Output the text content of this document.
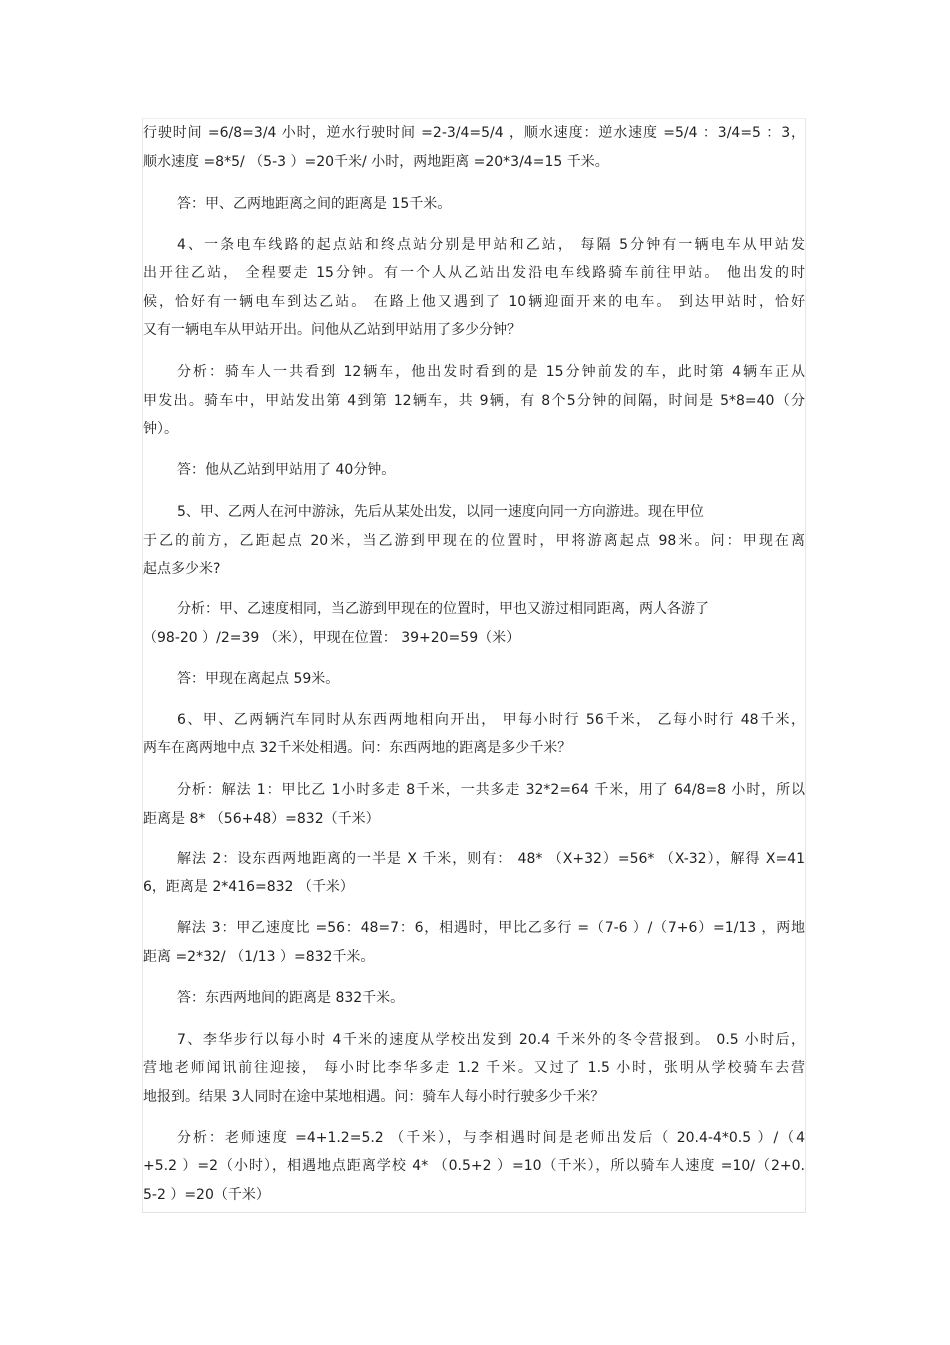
行驶时间 =6/8=3/4 小时，逆水行驶时间 =2-3/4=5/4 ，顺水速度：逆水速度 =5/4 ：3/4=5 ：3，
顺水速度 =8*5/ （5-3 ）=20千米/ 小时，两地距离 =20*3/4=15 千米。
答：甲、乙两地距离之间的距离是 15千米。
4、一条电车线路的起点站和终点站分别是甲站和乙站， 每隔 5分钟有一辆电车从甲站发
出开往乙站， 全程要走 15分钟。有一个人从乙站出发沿电车线路骑车前往甲站。 他出发的时
候，恰好有一辆电车到达乙站。 在路上他又遇到了 10辆迎面开来的电车。 到达甲站时，恰好
又有一辆电车从甲站开出。问他从乙站到甲站用了多少分钟？
分析：骑车人一共看到 12辆车，他出发时看到的是 15分钟前发的车，此时第 4辆车正从
甲发出。骑车中，甲站发出第 4到第 12辆车，共 9辆，有 8个5分钟的间隔，时间是 5*8=40（分
钟）。
答：他从乙站到甲站用了 40分钟。
5、甲、乙两人在河中游泳，先后从某处出发，以同一速度向同一方向游进。现在甲位
于乙的前方，乙距起点 20米，当乙游到甲现在的位置时，甲将游离起点 98米。问：甲现在离
起点多少米?
分析：甲、乙速度相同，当乙游到甲现在的位置时，甲也又游过相同距离，两人各游了
（98-20 ）/2=39 （米），甲现在位置： 39+20=59（米）
答：甲现在离起点 59米。
6、甲、乙两辆汽车同时从东西两地相向开出， 甲每小时行 56千米， 乙每小时行 48千米，
两车在离两地中点 32千米处相遇。问：东西两地的距离是多少千米？
分析：解法 1：甲比乙 1小时多走 8千米，一共多走 32*2=64 千米，用了 64/8=8 小时，所以
距离是 8* （56+48）=832（千米）
解法 2：设东西两地距离的一半是 X 千米，则有： 48* （X+32）=56* （X-32），解得 X=41
6，距离是 2*416=832 （千米）
解法 3：甲乙速度比 =56：48=7：6，相遇时，甲比乙多行 =（7-6 ）/（7+6）=1/13 ，两地
距离 =2*32/ （1/13 ）=832千米。
答：东西两地间的距离是 832千米。
7、李华步行以每小时 4千米的速度从学校出发到 20.4 千米外的冬令营报到。 0.5 小时后，
营地老师闻讯前往迎接， 每小时比李华多走 1.2 千米。又过了 1.5 小时，张明从学校骑车去营
地报到。结果 3人同时在途中某地相遇。问：骑车人每小时行驶多少千米？
分析：老师速度 =4+1.2=5.2 （千米），与李相遇时间是老师出发后（ 20.4-4*0.5 ）/（4
+5.2 ）=2（小时），相遇地点距离学校 4* （0.5+2 ）=10（千米），所以骑车人速度 =10/（2+0.
5-2 ）=20（千米）
